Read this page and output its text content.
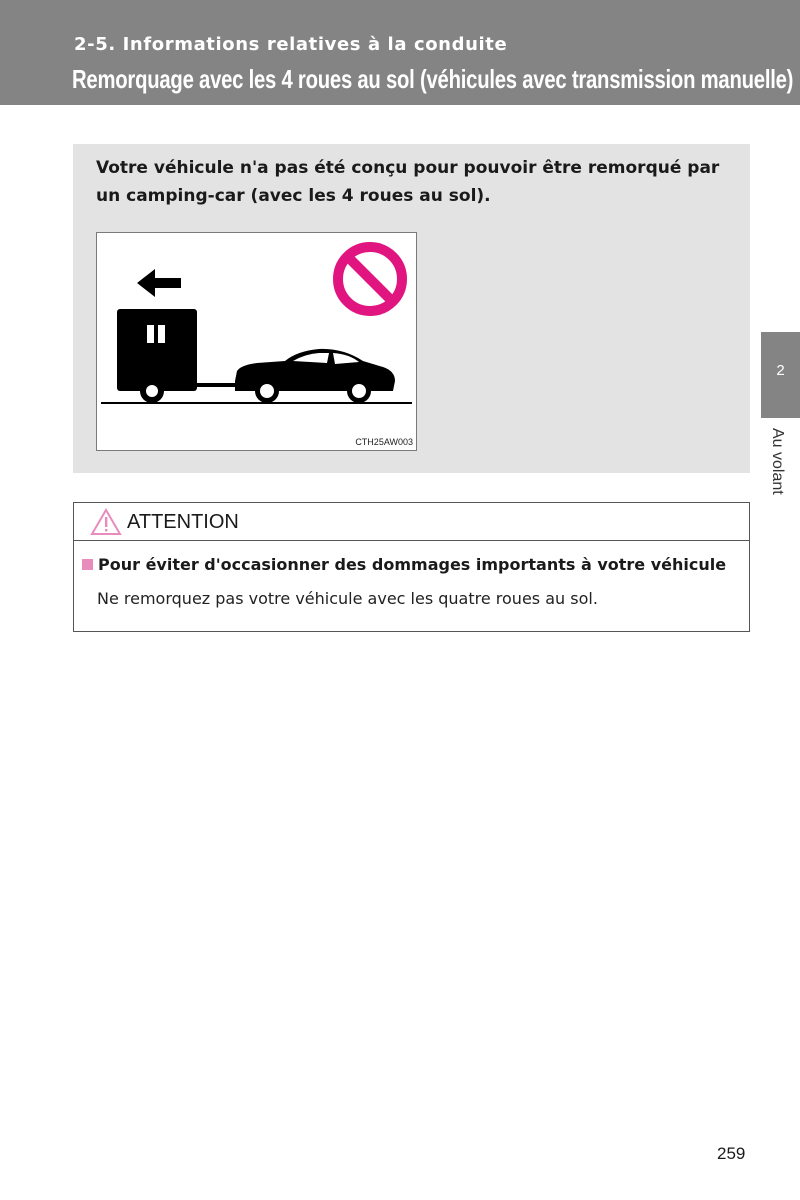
2-5. Informations relatives à la conduite
Remorquage avec les 4 roues au sol (véhicules avec transmission manuelle)
Votre véhicule n'a pas été conçu pour pouvoir être remorqué par un camping-car (avec les 4 roues au sol).
CTH25AW003
2
Au volant
ATTENTION
Pour éviter d'occasionner des dommages importants à votre véhicule
Ne remorquez pas votre véhicule avec les quatre roues au sol.
259
